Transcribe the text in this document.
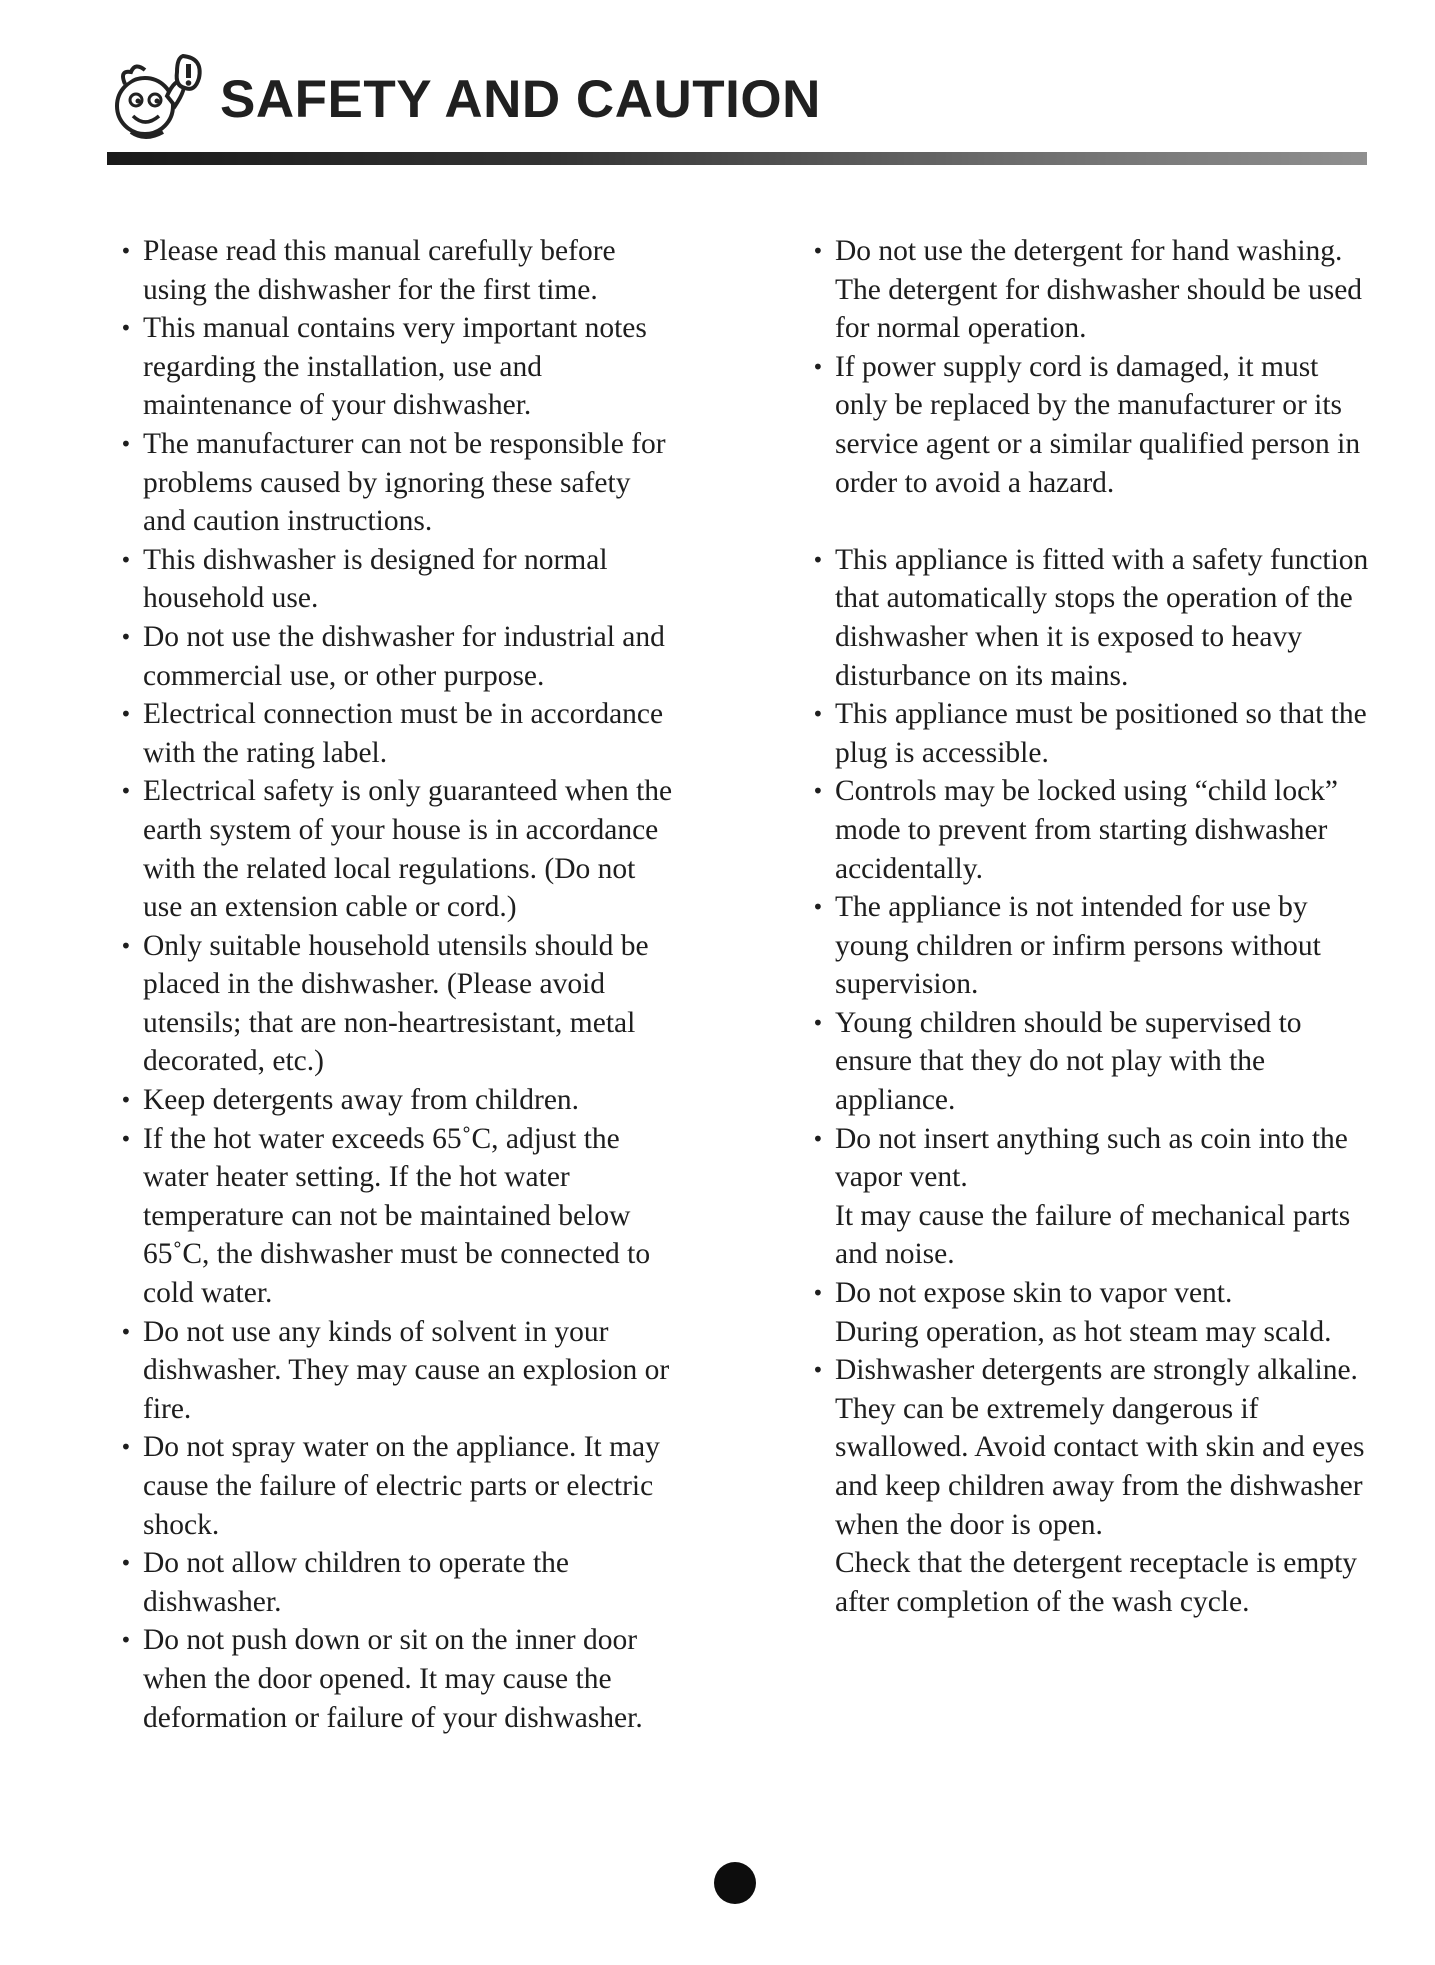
SAFETY AND CAUTION
• Please read this manual carefully before using the dishwasher for the first time.
• This manual contains very important notes regarding the installation, use and maintenance of your dishwasher.
• The manufacturer can not be responsible for problems caused by ignoring these safety and caution instructions.
• This dishwasher is designed for normal household use.
• Do not use the dishwasher for industrial and commercial use, or other purpose.
• Electrical connection must be in accordance with the rating label.
• Electrical safety is only guaranteed when the earth system of your house is in accordance with the related local regulations. (Do not use an extension cable or cord.)
• Only suitable household utensils should be placed in the dishwasher. (Please avoid utensils; that are non-heartresistant, metal decorated, etc.)
• Keep detergents away from children.
• If the hot water exceeds 65˚C, adjust the water heater setting. If the hot water temperature can not be maintained below 65˚C, the dishwasher must be connected to cold water.
• Do not use any kinds of solvent in your dishwasher. They may cause an explosion or fire.
• Do not spray water on the appliance. It may cause the failure of electric parts or electric shock.
• Do not allow children to operate the dishwasher.
• Do not push down or sit on the inner door when the door opened. It may cause the deformation or failure of your dishwasher.
• Do not use the detergent for hand washing.
The detergent for dishwasher should be used for normal operation.
• If power supply cord is damaged, it must only be replaced by the manufacturer or its service agent or a similar qualified person in order to avoid a hazard.
• This appliance is fitted with a safety function that automatically stops the operation of the dishwasher when it is exposed to heavy disturbance on its mains.
• This appliance must be positioned so that the plug is accessible.
• Controls may be locked using “child lock” mode to prevent from starting dishwasher accidentally.
• The appliance is not intended for use by young children or infirm persons without supervision.
• Young children should be supervised to ensure that they do not play with the appliance.
• Do not insert anything such as coin into the vapor vent.
It may cause the failure of mechanical parts and noise.
• Do not expose skin to vapor vent.
During operation, as hot steam may scald.
• Dishwasher detergents are strongly alkaline. They can be extremely dangerous if swallowed. Avoid contact with skin and eyes and keep children away from the dishwasher when the door is open.
Check that the detergent receptacle is empty after completion of the wash cycle.
